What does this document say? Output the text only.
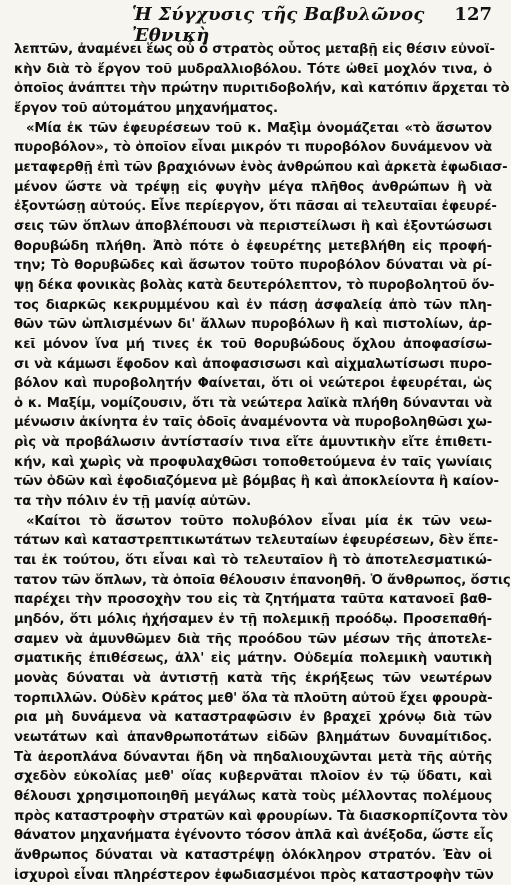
Ἡ Σύγχυσις τῆς Βαβυλῶνος Ἐθνικὴ
127

λεπτῶν, ἀναμένει ἕως οὗ ὁ στρατὸς οὗτος μεταβῇ εἰς θέσιν εὐνοϊ-
κὴν διὰ τὸ ἔργον τοῦ μυδραλλιοβόλου. Τότε ὠθεῖ μοχλόν τινα, ὁ
ὁποῖος ἀνάπτει τὴν πρώτην πυριτιδοβολήν, καὶ κατόπιν ἄρχεται τὸ
ἔργον τοῦ αὐτομάτου μηχανήματος.

«Μία ἐκ τῶν ἐφευρέσεων τοῦ κ. Μαξὶμ ὀνομάζεται «τὸ ἄσωτον
πυροβόλον», τὸ ὁποῖον εἶναι μικρόν τι πυροβόλον δυνάμενον νὰ
μεταφερθῇ ἐπὶ τῶν βραχιόνων ἑνὸς ἀνθρώπου καὶ ἀρκετὰ ἐφωδιασ-
μένον ὥστε νὰ τρέψῃ εἰς φυγὴν μέγα πλῆθος ἀνθρώπων ἢ νὰ
ἐξοντώσῃ αὐτούς. Εἶνε περίεργον, ὅτι πᾶσαι αἱ τελευταῖαι ἐφευρέ-
σεις τῶν ὅπλων ἀποβλέπουσι νὰ περιστείλωσι ἢ καὶ ἐξοντώσωσι
θορυβώδη πλήθη. Ἀπὸ πότε ὁ ἐφευρέτης μετεβλήθη εἰς προφή-
την; Τὸ θορυβῶδες καὶ ἄσωτον τοῦτο πυροβόλον δύναται νὰ ρί-
ψῃ δέκα φονικὰς βολὰς κατὰ δευτερόλεπτον, τὸ πυροβολητοῦ ὄν-
τος διαρκῶς κεκρυμμένου καὶ ἐν πάσῃ ἀσφαλείᾳ ἀπὸ τῶν πλη-
θῶν τῶν ὡπλισμένων δι' ἄλλων πυροβόλων ἢ καὶ πιστολίων, ἀρ-
κεῖ μόνον ἵνα μή τινες ἐκ τοῦ θορυβώδους ὄχλου ἀποφασίσω-
σι νὰ κάμωσι ἔφοδον καὶ ἀποφασισωσι καὶ αἰχμαλωτίσωσι πυρο-
βόλον καὶ πυροβολητήν Φαίνεται, ὅτι οἱ νεώτεροι ἐφευρέται, ὡς
ὁ κ. Μαξίμ, νομίζουσιν, ὅτι τὰ νεώτερα λαϊκὰ πλήθη δύνανται νὰ
μένωσιν ἀκίνητα ἐν ταῖς ὁδοῖς ἀναμένοντα νὰ πυροβοληθῶσι χω-
ρὶς νὰ προβάλωσιν ἀντίστασίν τινα εἴτε ἀμυντικὴν εἴτε ἐπιθετι-
κήν, καὶ χωρὶς νὰ προφυλαχθῶσι τοποθετούμενα ἐν ταῖς γωνίαις
τῶν ὁδῶν καὶ ἐφοδιαζόμενα μὲ βόμβας ἢ καὶ ἀποκλείοντα ἢ καίον-
τα τὴν πόλιν ἐν τῇ μανίᾳ αὐτῶν.

«Καίτοι τὸ ἄσωτον τοῦτο πολυβόλον εἶναι μία ἐκ τῶν νεω-
τάτων καὶ καταστρεπτικωτάτων τελευταίων ἐφευρέσεων, δὲν ἕπε-
ται ἐκ τούτου, ὅτι εἶναι καὶ τὸ τελευταῖον ἢ τὸ ἀποτελεσματικώ-
τατον τῶν ὅπλων, τὰ ὁποῖα θέλουσιν ἐπανοηθῆ. Ὁ ἄνθρωπος, ὅστις
παρέχει τὴν προσοχὴν του εἰς τὰ ζητήματα ταῦτα κατανοεῖ βαθ-
μηδόν, ὅτι μόλις ἠχήσαμεν ἐν τῇ πολεμικῇ προόδῳ. Προσεπαθή-
σαμεν νὰ ἀμυνθῶμεν διὰ τῆς προόδου τῶν μέσων τῆς ἀποτελε-
σματικῆς ἐπιθέσεως, ἀλλ' εἰς μάτην. Οὐδεμία πολεμικὴ ναυτικὴ
μονὰς δύναται νὰ ἀντιστῇ κατὰ τῆς ἐκρήξεως τῶν νεωτέρων
τορπιλλῶν. Οὐδὲν κράτος μεθ' ὅλα τὰ πλοῦτη αὐτοῦ ἔχει φρουρὰ-
ρια μὴ δυνάμενα νὰ καταστραφῶσιν ἐν βραχεῖ χρόνῳ διὰ τῶν
νεωτάτων καὶ ἀπανθρωποτάτων εἰδῶν βλημάτων δυναμίτιδος.
Τὰ ἀεροπλάνα δύνανται ἤδη νὰ πηδαλιουχῶνται μετὰ τῆς αὐτῆς
σχεδὸν εὐκολίας μεθ' οἵας κυβερνᾶται πλοῖον ἐν τῷ ὕδατι, καὶ
θέλουσι χρησιμοποιηθῆ μεγάλως κατὰ τοὺς μέλλοντας πολέμους
πρὸς καταστροφὴν στρατῶν καὶ φρουρίων. Τὰ διασκορπίζοντα τὸν
θάνατον μηχανήματα ἐγένοντο τόσον ἁπλᾶ καὶ ἀνέξοδα, ὥστε εἷς
ἄνθρωπος δύναται νὰ καταστρέψῃ ὁλόκληρον στρατόν. Ἐὰν οἱ
ἰσχυροὶ εἶναι πληρέστερον ἐφωδιασμένοι πρὸς καταστροφὴν τῶν
